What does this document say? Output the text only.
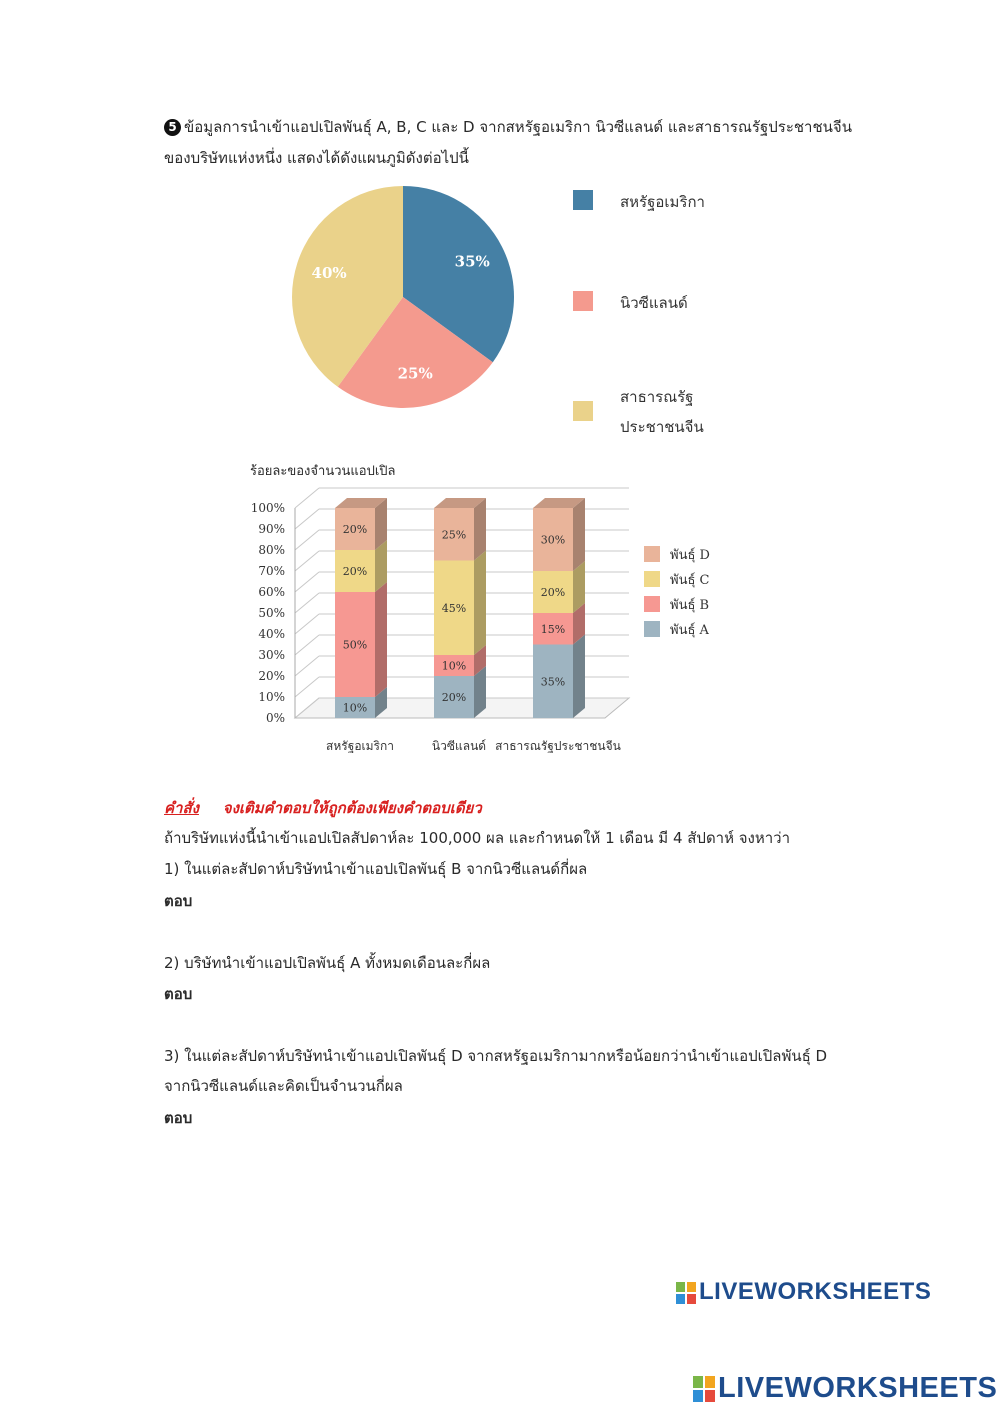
5 ข้อมูลการนำเข้าแอปเปิลพันธุ์ A, B, C และ D จากสหรัฐอเมริกา นิวซีแลนด์ และสาธารณรัฐประชาชนจีน
ของบริษัทแห่งหนึ่ง แสดงได้ดังแผนภูมิดังต่อไปนี้
35%
25%
40%
สหรัฐอเมริกา
นิวซีแลนด์
สาธารณรัฐ
ประชาชนจีน
ร้อยละของจำนวนแอปเปิล
0%
10%
20%
30%
40%
50%
60%
70%
80%
90%
100%
10%
50%
20%
20%
สหรัฐอเมริกา
20%
10%
45%
25%
นิวซีแลนด์
35%
15%
20%
30%
สาธารณรัฐประชาชนจีน
พันธุ์ D
พันธุ์ C
พันธุ์ B
พันธุ์ A
คำสั่ง จงเติมคำตอบให้ถูกต้องเพียงคำตอบเดียว
ถ้าบริษัทแห่งนี้นำเข้าแอปเปิลสัปดาห์ละ 100,000 ผล และกำหนดให้ 1 เดือน มี 4 สัปดาห์ จงหาว่า
1) ในแต่ละสัปดาห์บริษัทนำเข้าแอปเปิลพันธุ์ B จากนิวซีแลนด์กี่ผล
ตอบ
2) บริษัทนำเข้าแอปเปิลพันธุ์ A ทั้งหมดเดือนละกี่ผล
ตอบ
3) ในแต่ละสัปดาห์บริษัทนำเข้าแอปเปิลพันธุ์ D จากสหรัฐอเมริกามากหรือน้อยกว่านำเข้าแอปเปิลพันธุ์ D
จากนิวซีแลนด์และคิดเป็นจำนวนกี่ผล
ตอบ
LIVEWORKSHEETS
LIVEWORKSHEETS
